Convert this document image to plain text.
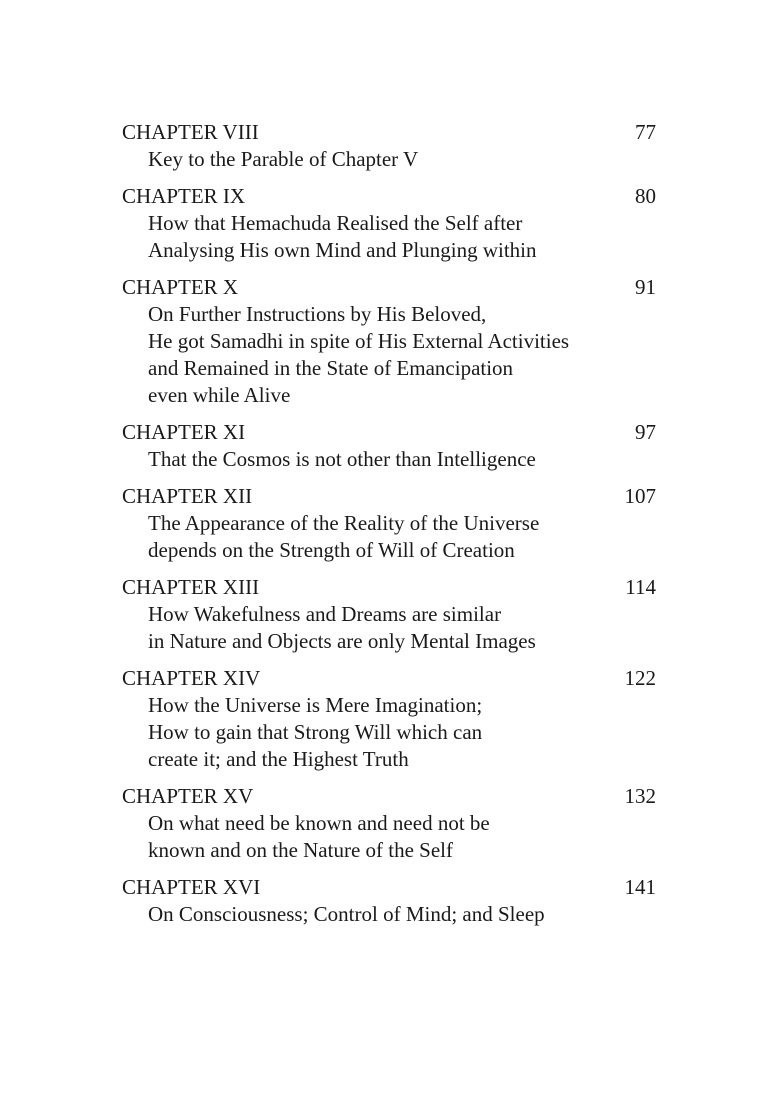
CHAPTER VIII	77
Key to the Parable of Chapter V
CHAPTER IX	80
How that Hemachuda Realised the Self after
Analysing His own Mind and Plunging within
CHAPTER X	91
On Further Instructions by His Beloved,
He got Samadhi in spite of His External Activities
and Remained in the State of Emancipation
even while Alive
CHAPTER XI	97
That the Cosmos is not other than Intelligence
CHAPTER XII	107
The Appearance of the Reality of the Universe
depends on the Strength of Will of Creation
CHAPTER XIII	114
How Wakefulness and Dreams are similar
in Nature and Objects are only Mental Images
CHAPTER XIV	122
How the Universe is Mere Imagination;
How to gain that Strong Will which can
create it; and the Highest Truth
CHAPTER XV	132
On what need be known and need not be
known and on the Nature of the Self
CHAPTER XVI	141
On Consciousness; Control of Mind; and Sleep
